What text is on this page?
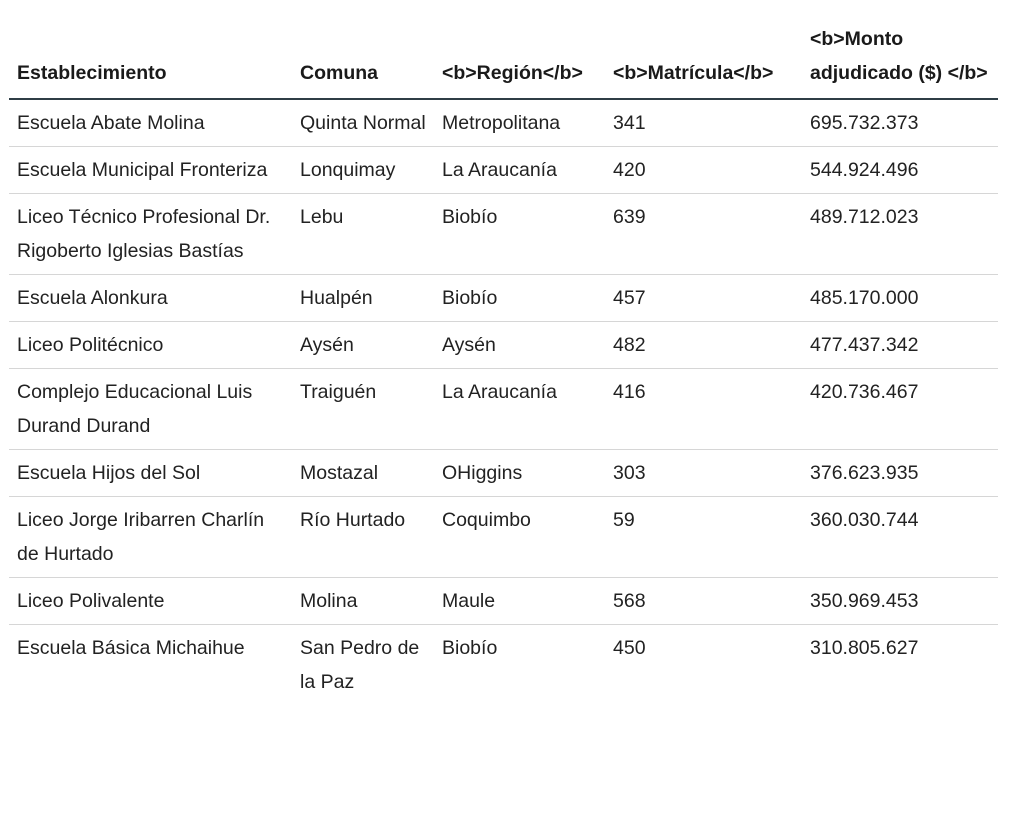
Establecimiento	Comuna	<b>Región</b>	<b>Matrícula</b>	<b>Monto adjudicado ($) </b>
Escuela Abate Molina	Quinta Normal	Metropolitana	341	695.732.373
Escuela Municipal Fronteriza	Lonquimay	La Araucanía	420	544.924.496
Liceo Técnico Profesional Dr. Rigoberto Iglesias Bastías	Lebu	Biobío	639	489.712.023
Escuela Alonkura	Hualpén	Biobío	457	485.170.000
Liceo Politécnico	Aysén	Aysén	482	477.437.342
Complejo Educacional Luis Durand Durand	Traiguén	La Araucanía	416	420.736.467
Escuela Hijos del Sol	Mostazal	OHiggins	303	376.623.935
Liceo Jorge Iribarren Charlín de Hurtado	Río Hurtado	Coquimbo	59	360.030.744
Liceo Polivalente	Molina	Maule	568	350.969.453
Escuela Básica Michaihue	San Pedro de la Paz	Biobío	450	310.805.627
